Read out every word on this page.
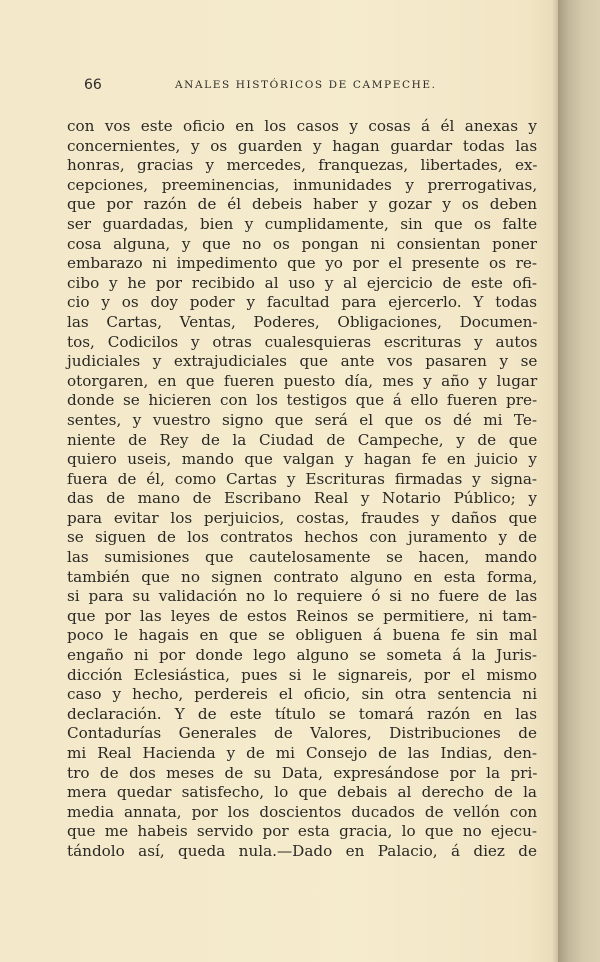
66	ANALES HISTÓRICOS DE CAMPECHE.
con vos este oficio en los casos y cosas á él anexas y
concernientes, y os guarden y hagan guardar todas las
honras, gracias y mercedes, franquezas, libertades, ex-
cepciones, preeminencias, inmunidades y prerrogativas,
que por razón de él debeis haber y gozar y os deben
ser guardadas, bien y cumplidamente, sin que os falte
cosa alguna, y que no os pongan ni consientan poner
embarazo ni impedimento que yo por el presente os re-
cibo y he por recibido al uso y al ejercicio de este ofi-
cio y os doy poder y facultad para ejercerlo. Y todas
las Cartas, Ventas, Poderes, Obligaciones, Documen-
tos, Codicilos y otras cualesquieras escrituras y autos
judiciales y extrajudiciales que ante vos pasaren y se
otorgaren, en que fueren puesto día, mes y año y lugar
donde se hicieren con los testigos que á ello fueren pre-
sentes, y vuestro signo que será el que os dé mi Te-
niente de Rey de la Ciudad de Campeche, y de que
quiero useis, mando que valgan y hagan fe en juicio y
fuera de él, como Cartas y Escrituras firmadas y signa-
das de mano de Escribano Real y Notario Público; y
para evitar los perjuicios, costas, fraudes y daños que
se siguen de los contratos hechos con juramento y de
las sumisiones que cautelosamente se hacen, mando
también que no signen contrato alguno en esta forma,
si para su validación no lo requiere ó si no fuere de las
que por las leyes de estos Reinos se permitiere, ni tam-
poco le hagais en que se obliguen á buena fe sin mal
engaño ni por donde lego alguno se someta á la Juris-
dicción Eclesiástica, pues si le signareis, por el mismo
caso y hecho, perdereis el oficio, sin otra sentencia ni
declaración. Y de este título se tomará razón en las
Contadurías Generales de Valores, Distribuciones de
mi Real Hacienda y de mi Consejo de las Indias, den-
tro de dos meses de su Data, expresándose por la pri-
mera quedar satisfecho, lo que debais al derecho de la
media annata, por los doscientos ducados de vellón con
que me habeis servido por esta gracia, lo que no ejecu-
tándolo así, queda nula.—Dado en Palacio, á diez de
